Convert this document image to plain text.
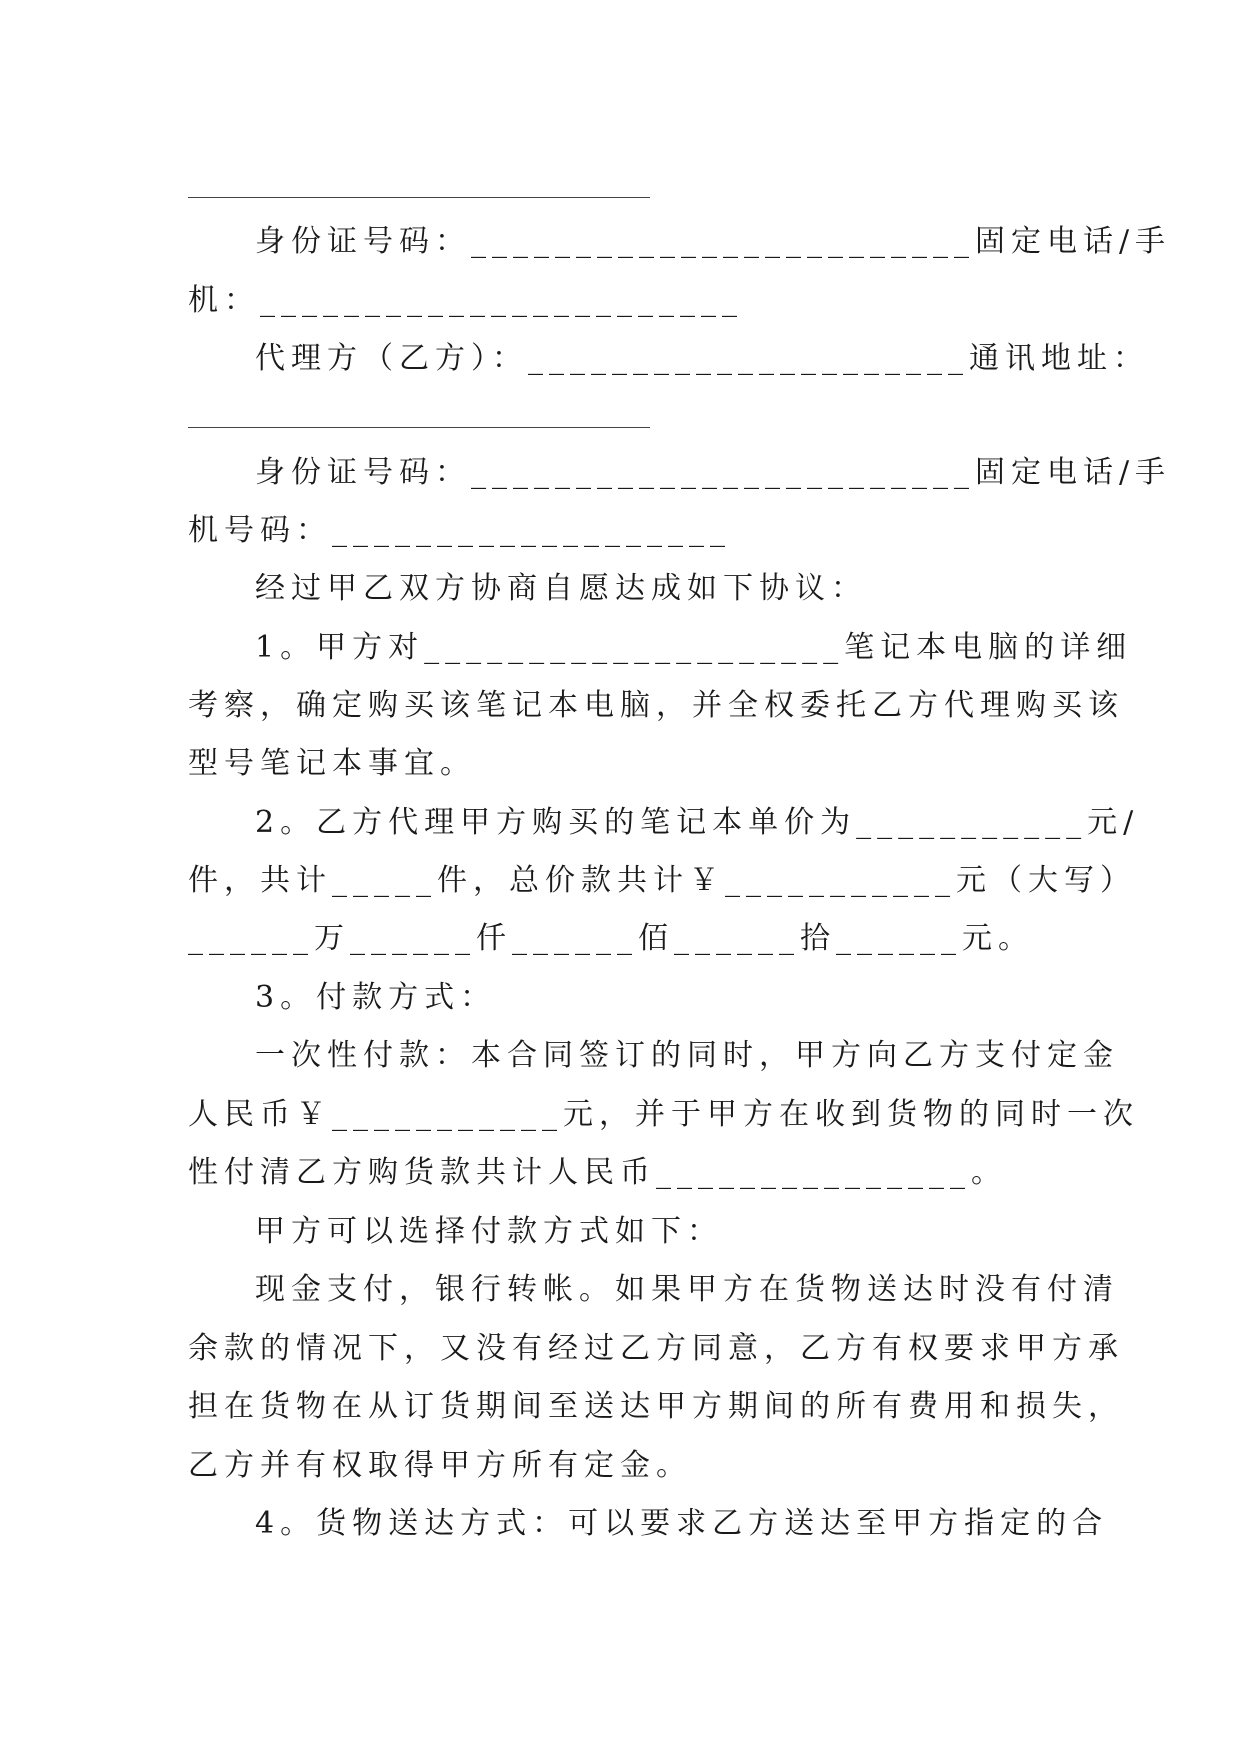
身份证号码：________________________固定电话/手
机：_______________________
代理方（乙方）：_____________________通讯地址：
身份证号码：________________________固定电话/手
机号码：___________________
经过甲乙双方协商自愿达成如下协议：
1。甲方对____________________笔记本电脑的详细
考察，确定购买该笔记本电脑，并全权委托乙方代理购买该
型号笔记本事宜。
2。乙方代理甲方购买的笔记本单价为___________元/
件，共计_____件，总价款共计￥___________元（大写）
______万______仟______佰______拾______元。
3。付款方式：
一次性付款：本合同签订的同时，甲方向乙方支付定金
人民币￥___________元，并于甲方在收到货物的同时一次
性付清乙方购货款共计人民币_______________。
甲方可以选择付款方式如下：
现金支付，银行转帐。如果甲方在货物送达时没有付清
余款的情况下，又没有经过乙方同意，乙方有权要求甲方承
担在货物在从订货期间至送达甲方期间的所有费用和损失，
乙方并有权取得甲方所有定金。
4。货物送达方式：可以要求乙方送达至甲方指定的合
